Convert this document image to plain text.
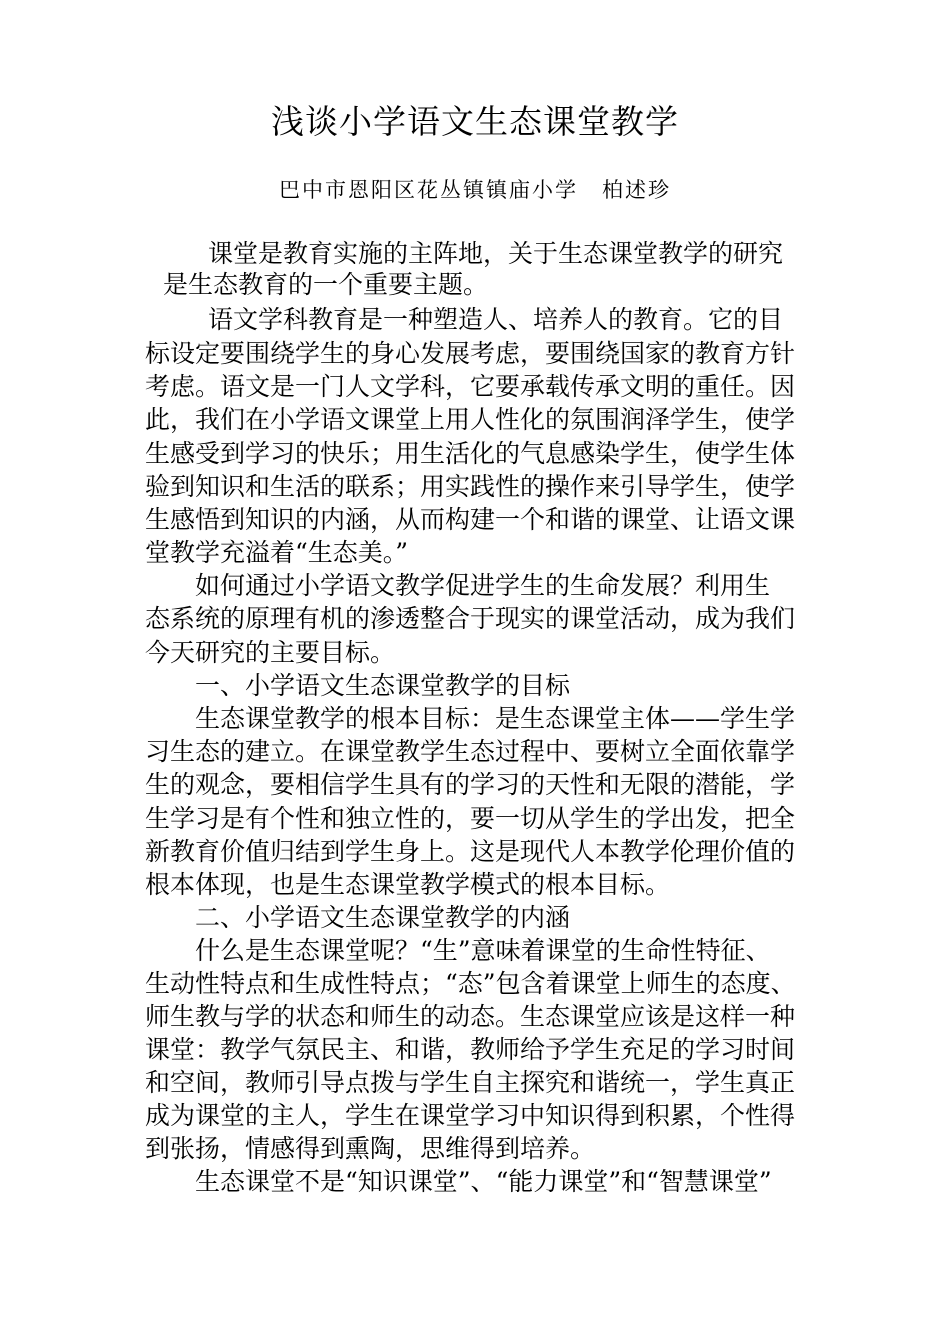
浅谈小学语文生态课堂教学
巴中市恩阳区花丛镇镇庙小学 柏述珍
课堂是教育实施的主阵地，关于生态课堂教学的研究
是生态教育的一个重要主题。
语文学科教育是一种塑造人、培养人的教育。它的目
标设定要围绕学生的身心发展考虑，要围绕国家的教育方针
考虑。语文是一门人文学科，它要承载传承文明的重任。因
此，我们在小学语文课堂上用人性化的氛围润泽学生，使学
生感受到学习的快乐；用生活化的气息感染学生，使学生体
验到知识和生活的联系；用实践性的操作来引导学生，使学
生感悟到知识的内涵，从而构建一个和谐的课堂、让语文课
堂教学充溢着“生态美。”
如何通过小学语文教学促进学生的生命发展？利用生
态系统的原理有机的渗透整合于现实的课堂活动，成为我们
今天研究的主要目标。
一、小学语文生态课堂教学的目标
生态课堂教学的根本目标：是生态课堂主体——学生学
习生态的建立。在课堂教学生态过程中、要树立全面依靠学
生的观念，要相信学生具有的学习的天性和无限的潜能，学
生学习是有个性和独立性的，要一切从学生的学出发，把全
新教育价值归结到学生身上。这是现代人本教学伦理价值的
根本体现，也是生态课堂教学模式的根本目标。
二、小学语文生态课堂教学的内涵
什么是生态课堂呢？“生”意味着课堂的生命性特征、
生动性特点和生成性特点；“态”包含着课堂上师生的态度、
师生教与学的状态和师生的动态。生态课堂应该是这样一种
课堂：教学气氛民主、和谐，教师给予学生充足的学习时间
和空间，教师引导点拨与学生自主探究和谐统一，学生真正
成为课堂的主人，学生在课堂学习中知识得到积累，个性得
到张扬，情感得到熏陶，思维得到培养。
生态课堂不是“知识课堂”、“能力课堂”和“智慧课堂”
